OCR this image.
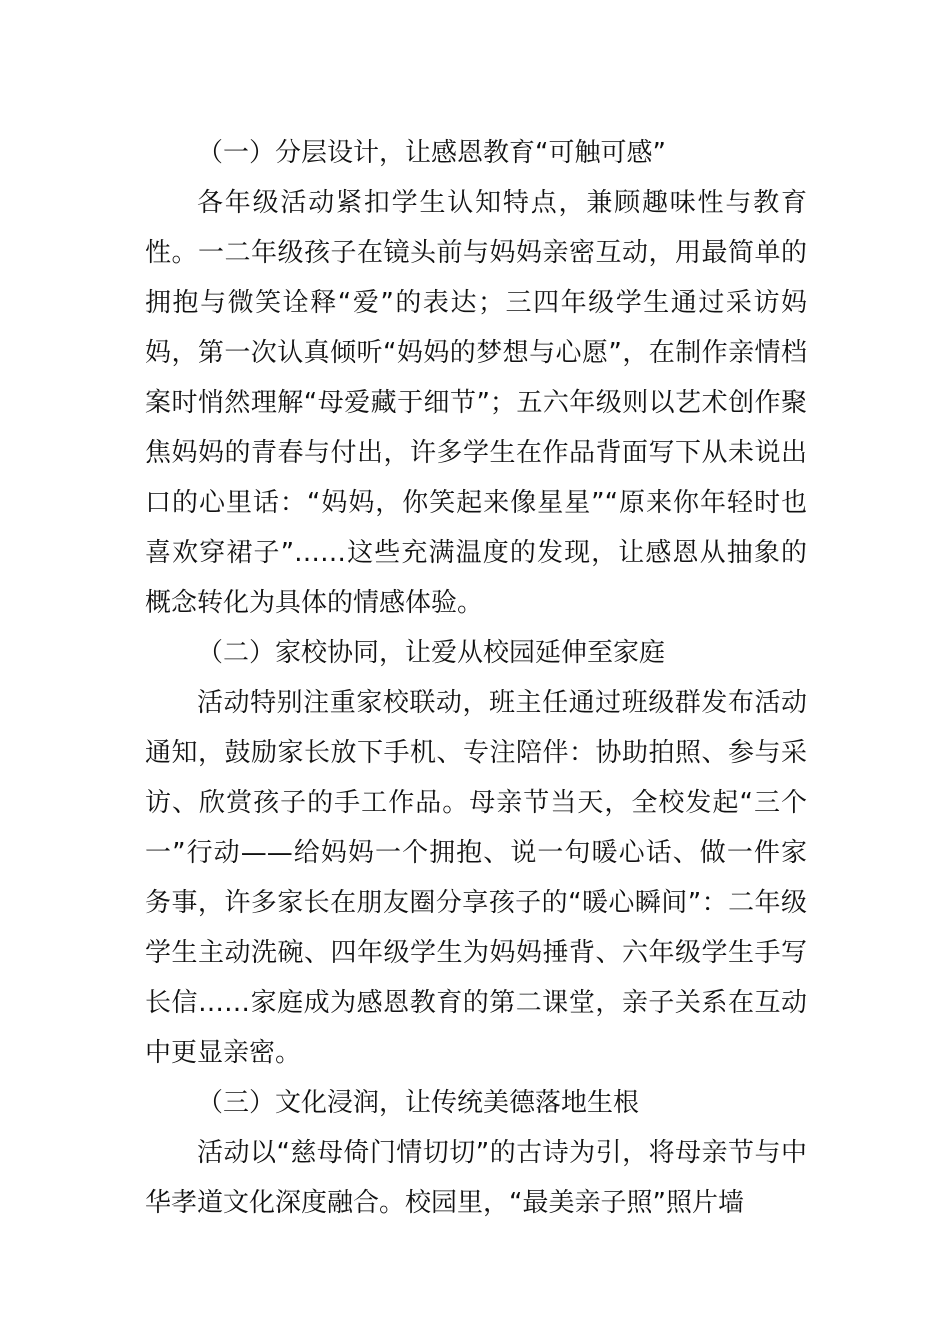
（一）分层设计，让感恩教育“可触可感”

各年级活动紧扣学生认知特点，兼顾趣味性与教育性。一二年级孩子在镜头前与妈妈亲密互动，用最简单的拥抱与微笑诠释“爱”的表达；三四年级学生通过采访妈妈，第一次认真倾听“妈妈的梦想与心愿”，在制作亲情档案时悄然理解“母爱藏于细节”；五六年级则以艺术创作聚焦妈妈的青春与付出，许多学生在作品背面写下从未说出口的心里话：“妈妈，你笑起来像星星”“原来你年轻时也喜欢穿裙子”……这些充满温度的发现，让感恩从抽象的概念转化为具体的情感体验。

（二）家校协同，让爱从校园延伸至家庭

活动特别注重家校联动，班主任通过班级群发布活动通知，鼓励家长放下手机、专注陪伴：协助拍照、参与采访、欣赏孩子的手工作品。母亲节当天，全校发起“三个一”行动——给妈妈一个拥抱、说一句暖心话、做一件家务事，许多家长在朋友圈分享孩子的“暖心瞬间”：二年级学生主动洗碗、四年级学生为妈妈捶背、六年级学生手写长信……家庭成为感恩教育的第二课堂，亲子关系在互动中更显亲密。

（三）文化浸润，让传统美德落地生根

活动以“慈母倚门情切切”的古诗为引，将母亲节与中华孝道文化深度融合。校园里，“最美亲子照”照片墙
